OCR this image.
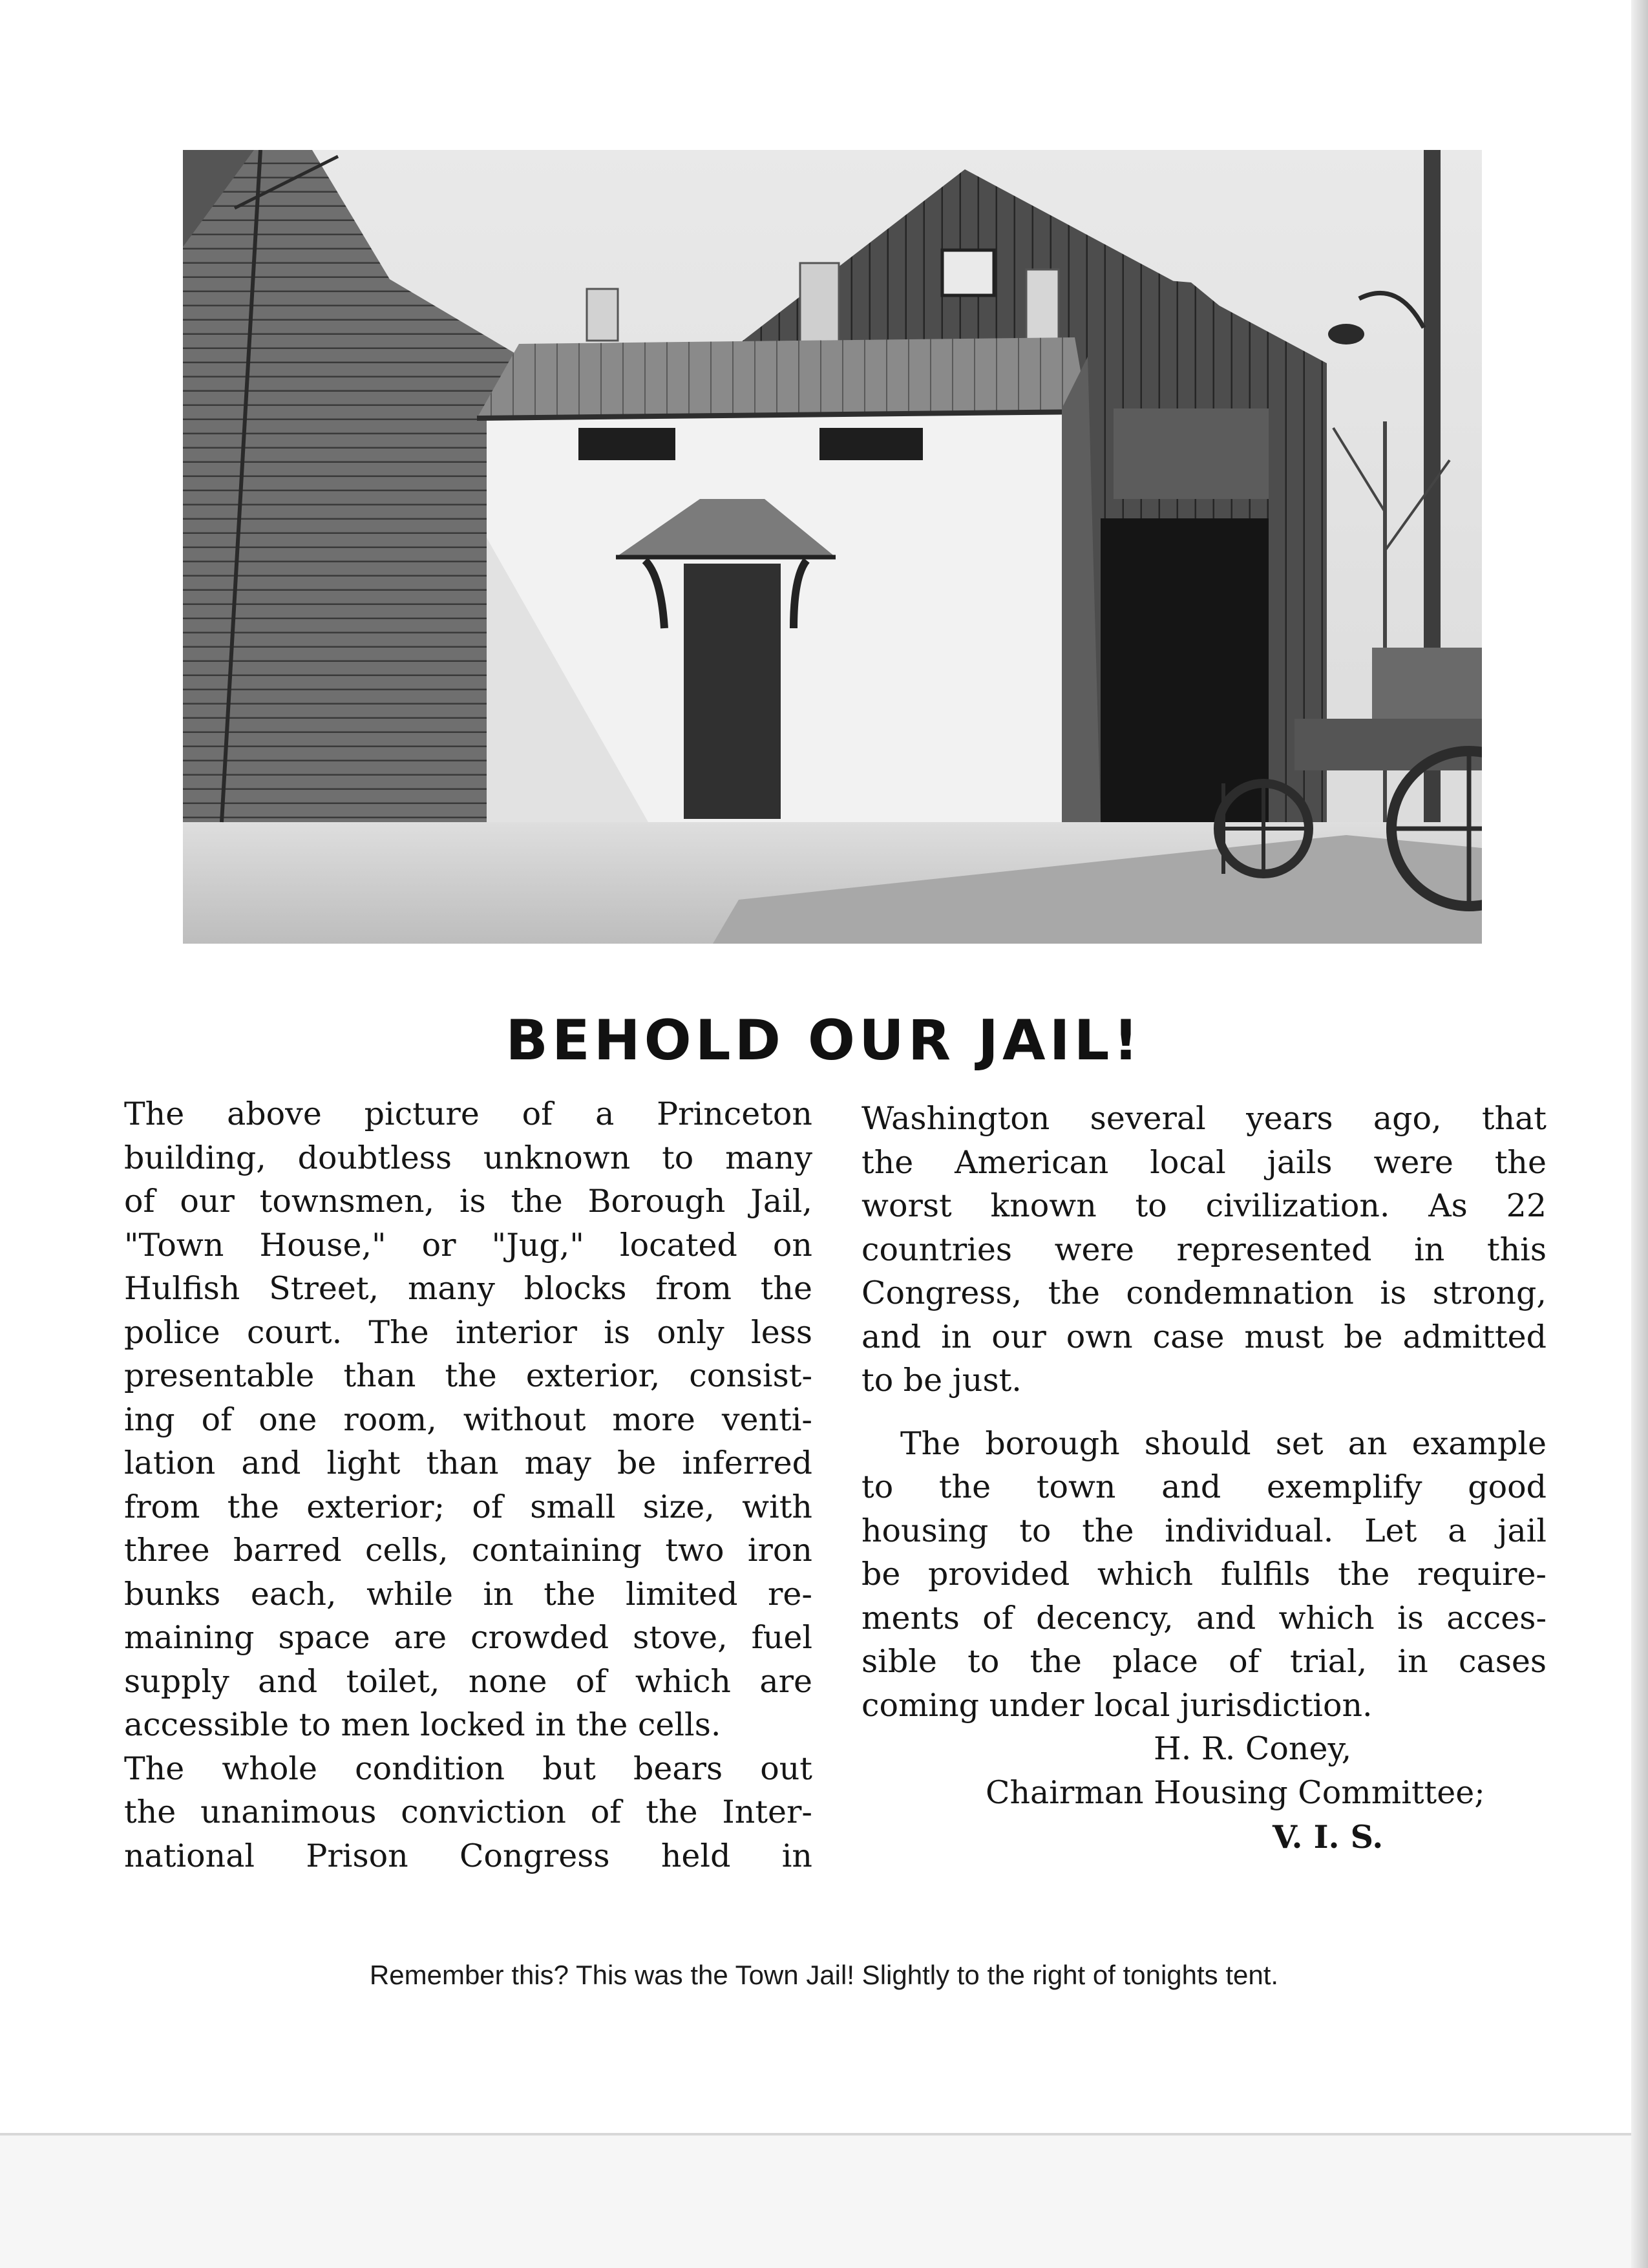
BEHOLD OUR JAIL!
The above picture of a Princeton
building, doubtless unknown to many
of our townsmen, is the Borough Jail,
"Town House," or "Jug," located on
Hulfish Street, many blocks from the
police court. The interior is only less
presentable than the exterior, consist-
ing of one room, without more venti-
lation and light than may be inferred
from the exterior; of small size, with
three barred cells, containing two iron
bunks each, while in the limited re-
maining space are crowded stove, fuel
supply and toilet, none of which are
accessible to men locked in the cells.
The whole condition but bears out
the unanimous conviction of the Inter-
national Prison Congress held in
Washington several years ago, that
the American local jails were the
worst known to civilization. As 22
countries were represented in this
Congress, the condemnation is strong,
and in our own case must be admitted
to be just.
The borough should set an example
to the town and exemplify good
housing to the individual. Let a jail
be provided which fulfils the require-
ments of decency, and which is acces-
sible to the place of trial, in cases
coming under local jurisdiction.
H. R. Coney,
Chairman Housing Committee;
V. I. S.
Remember this? This was the Town Jail! Slightly to the right of tonights tent.
